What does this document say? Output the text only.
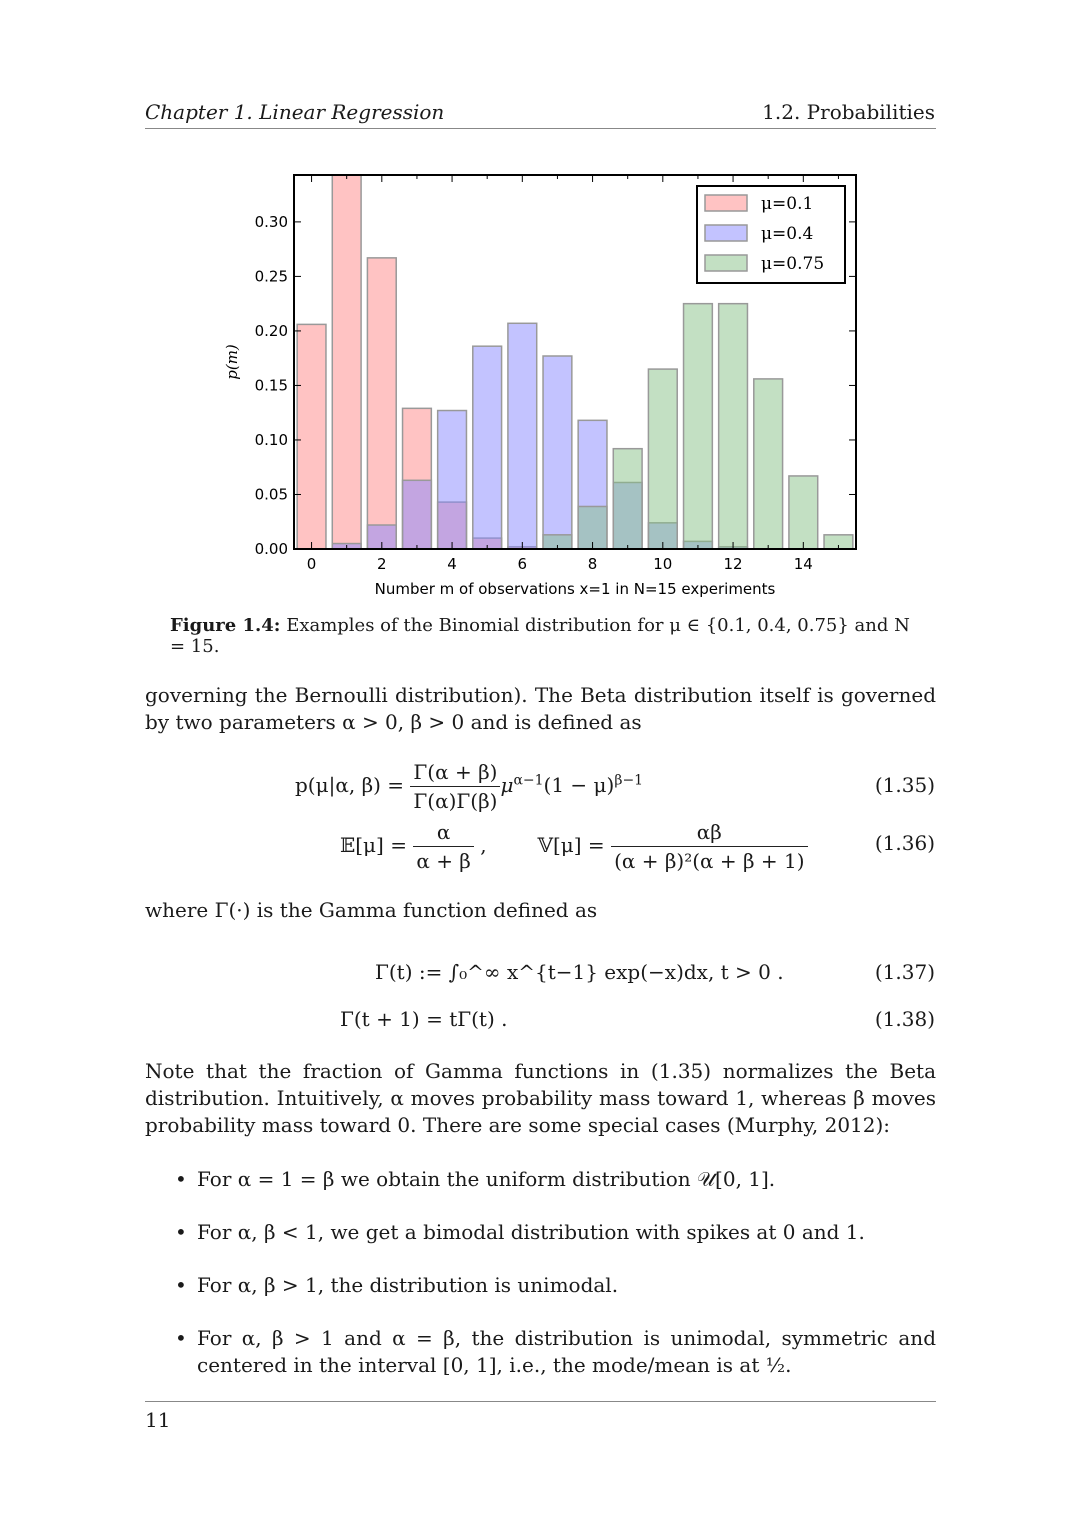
Chapter 1. Linear Regression	1.2. Probabilities
0.00
0.05
0.10
0.15
0.20
0.25
0.30
0	2	4	6	8	10	12	14
Number m of observations x=1 in N=15 experiments
p(m)
μ=0.1
μ=0.4
μ=0.75
Figure 1.4: Examples of the Binomial distribution for μ ∈ {0.1, 0.4, 0.75} and N = 15.
governing the Bernoulli distribution). The Beta distribution itself is governed by two parameters α > 0, β > 0 and is defined as
p(μ|α, $\beta) = \frac{\Gamma(\alpha + \beta)}{\Gamma(\alpha)\Gamma(\beta)} \mu^{\alpha-1}(1 - \mu)^{\beta-1}$	(1.35)
𝔼[μ] = $\frac{\alpha}{\alpha + \beta}$ ,        𝕍[μ] = $\frac{\alpha\beta}{\text{(α + β)²(α + β + 1)}}$	(1.36)
where Γ(·) is the Gamma function defined as
Γ(t) := ∫₀^∞ x^{t−1} exp(−x)dx, t > 0 .	(1.37)
Γ(t + 1) = tΓ(t) .	(1.38)
Note that the fraction of Gamma functions in (1.35) normalizes the Beta distribution. Intuitively, α moves probability mass toward 1, whereas β moves probability mass toward 0. There are some special cases (Murphy, 2012):
• For α = 1 = β we obtain the uniform distribution 𝒰[0, 1].
• For α, β < 1, we get a bimodal distribution with spikes at 0 and 1.
• For α, β > 1, the distribution is unimodal.
• For α, β > 1 and α = β, the distribution is unimodal, symmetric and centered in the interval [0, 1], i.e., the mode/mean is at ½.
11
